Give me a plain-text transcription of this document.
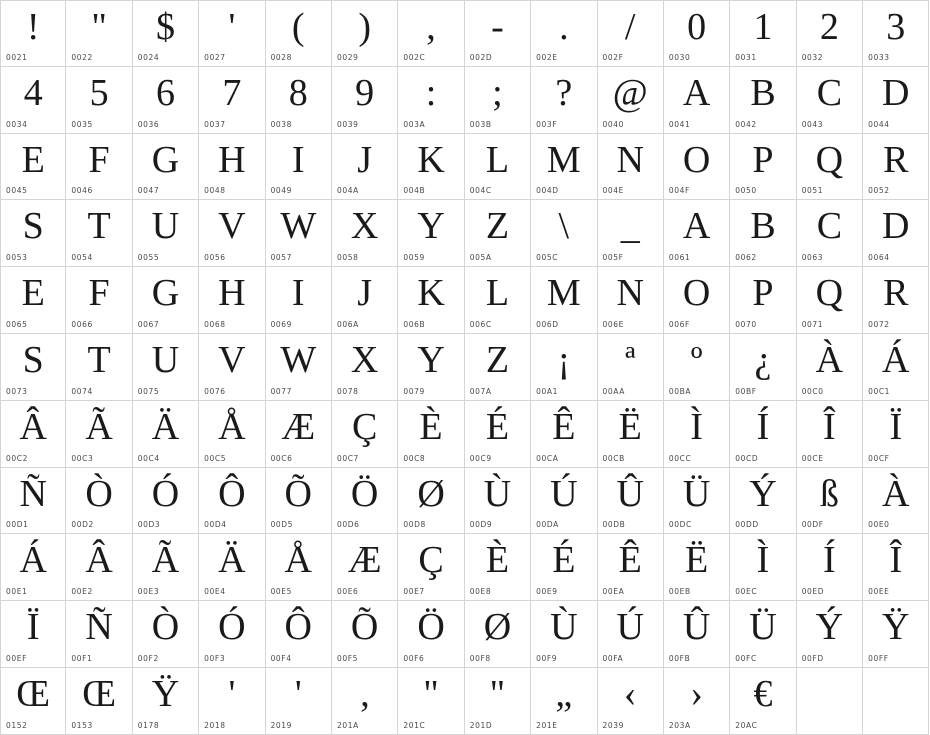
!
0021
"
0022
$
0024
'
0027
(
0028
)
0029
,
002C
-
002D
.
002E
/
002F
0
0030
1
0031
2
0032
3
0033
4
0034
5
0035
6
0036
7
0037
8
0038
9
0039
:
003A
;
003B
?
003F
@
0040
A
0041
B
0042
C
0043
D
0044
E
0045
F
0046
G
0047
H
0048
I
0049
J
004A
K
004B
L
004C
M
004D
N
004E
O
004F
P
0050
Q
0051
R
0052
S
0053
T
0054
U
0055
V
0056
W
0057
X
0058
Y
0059
Z
005A
\
005C
_
005F
A
0061
B
0062
C
0063
D
0064
E
0065
F
0066
G
0067
H
0068
I
0069
J
006A
K
006B
L
006C
M
006D
N
006E
O
006F
P
0070
Q
0071
R
0072
S
0073
T
0074
U
0075
V
0076
W
0077
X
0078
Y
0079
Z
007A
¡
00A1
ª
00AA
º
00BA
¿
00BF
À
00C0
Á
00C1
Â
00C2
Ã
00C3
Ä
00C4
Å
00C5
Æ
00C6
Ç
00C7
È
00C8
É
00C9
Ê
00CA
Ë
00CB
Ì
00CC
Í
00CD
Î
00CE
Ï
00CF
Ñ
00D1
Ò
00D2
Ó
00D3
Ô
00D4
Õ
00D5
Ö
00D6
Ø
00D8
Ù
00D9
Ú
00DA
Û
00DB
Ü
00DC
Ý
00DD
ß
00DF
À
00E0
Á
00E1
Â
00E2
Ã
00E3
Ä
00E4
Å
00E5
Æ
00E6
Ç
00E7
È
00E8
É
00E9
Ê
00EA
Ë
00EB
Ì
00EC
Í
00ED
Î
00EE
Ï
00EF
Ñ
00F1
Ò
00F2
Ó
00F3
Ô
00F4
Õ
00F5
Ö
00F6
Ø
00F8
Ù
00F9
Ú
00FA
Û
00FB
Ü
00FC
Ý
00FD
Ÿ
00FF
Œ
0152
Œ
0153
Ÿ
0178
'
2018
'
2019
‚
201A
"
201C
"
201D
„
201E
‹
2039
›
203A
€
20AC
